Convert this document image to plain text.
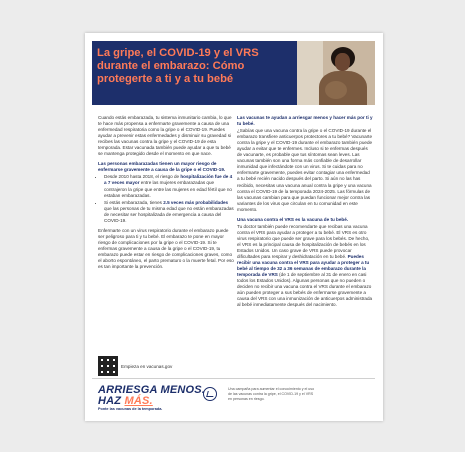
La gripe, el COVID-19 y el VRS durante el embarazo: Cómo protegerte a ti y a tu bebé

Cuando estás embarazada, tu sistema inmunitario cambia, lo que te hace más propensa a enfermarte gravemente a causa de una enfermedad respiratoria como la gripe o el COVID-19. Puedes ayudar a prevenir estas enfermedades y disminuir su gravedad si recibes las vacunas contra la gripe y el COVID-19 de esta temporada. Estar vacunada también puede ayudar a que tu bebé se mantenga protegido desde el momento en que nace.

Las personas embarazadas tienen un mayor riesgo de enfermarse gravemente a causa de la gripe o el COVID-19.
• Desde 2010 hasta 2018, el riesgo de hospitalización fue de 4 a 7 veces mayor entre las mujeres embarazadas que contrajeron la gripe que entre las mujeres en edad fértil que no estaban embarazadas.
• Si estás embarazada, tienes 2.5 veces más probabilidades que las personas de tu misma edad que no están embarazadas de necesitar ser hospitalizada de emergencia a causa del COVID-19.

Enfermarte con un virus respiratorio durante el embarazo puede ser peligroso para ti y tu bebé. El embarazo te pone en mayor riesgo de complicaciones por la gripe o el COVID-19. Si te enfermas gravemente a causa de la gripe o el COVID-19, tu embarazo puede estar en riesgo de complicaciones graves, como el aborto espontáneo, el parto prematuro o la muerte fetal. Por eso es tan importante la prevención.

Las vacunas te ayudan a arriesgar menos y hacer más por ti y tu bebé.

¿Sabías que una vacuna contra la gripe o el COVID-19 durante el embarazo transfiere anticuerpos protectores a tu bebé? Vacunarte contra la gripe y el COVID-19 durante el embarazo también puede ayudar a evitar que te enfermes. Incluso si te enfermas después de vacunarte, es probable que tus síntomas sean leves. Las vacunas también son una forma más confiable de desarrollar inmunidad que infectándote con un virus. Si te cuidas para no enfermarte gravemente, puedes evitar contagiar una enfermedad a tu bebé recién nacido después del parto. Si aún no las has recibido, necesitas una vacuna anual contra la gripe y una vacuna contra el COVID-19 de la temporada 2024-2025. Las fórmulas de las vacunas cambian para que puedan funcionar mejor contra las variantes de los virus que circulan en tu comunidad en este momento.

Una vacuna contra el VRS es la vacuna de tu bebé.
Tu doctor también puede recomendarte que recibas una vacuna contra el VRS para ayudar a proteger a tu bebé. El VRS es otro virus respiratorio que puede ser grave para los bebés. De hecho, el VRS es la principal causa de hospitalización de bebés en los Estados Unidos. Un caso grave de VRS puede provocar dificultades para respirar y deshidratación en tu bebé. Puedes recibir una vacuna contra el VRS para ayudar a proteger a tu bebé al tiempo de 32 a 36 semanas de embarazo durante la temporada de VRS (de 1 de septiembre al 31 de enero en casi todos los Estados Unidos). Algunas personas que no pueden o deciden no recibir una vacuna contra el VRS durante el embarazo aún pueden proteger a sus bebés de enfermarse gravemente a causa del VRS con una inmunización de anticuerpos administrada al bebé inmediatamente después del nacimiento.
Empieza en vacunas.gov
ARRIESGA MENOS.
HAZ MÁS.
Ponte las vacunas de la temporada.
Una campaña para aumentar el conocimiento y el uso de las vacunas contra la gripe, el COVID-19 y el VRS en personas en riesgo.
